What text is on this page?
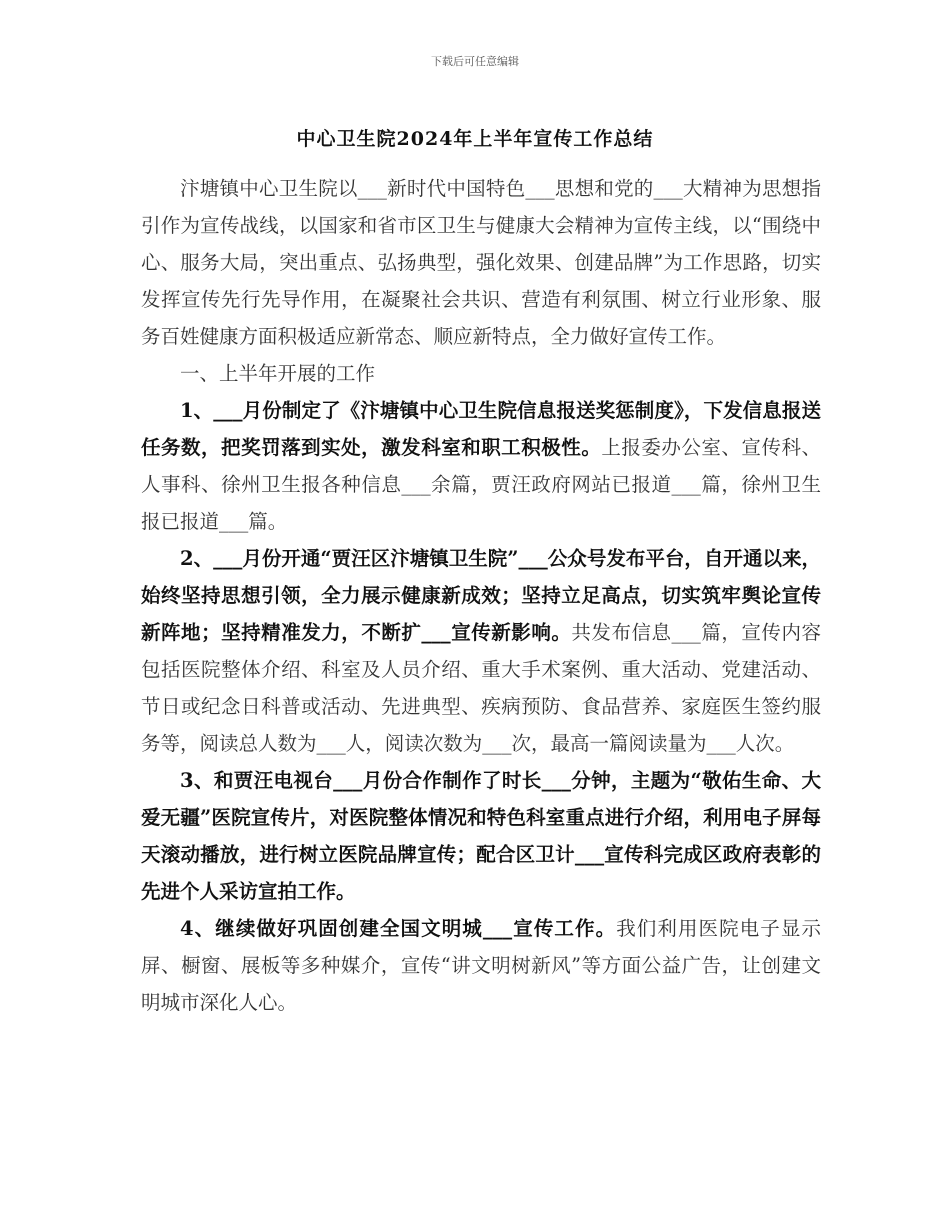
下载后可任意编辑
中心卫生院2024年上半年宣传工作总结

汴塘镇中心卫生院以___新时代中国特色___思想和党的___大精神为思想指引作为宣传战线，以国家和省市区卫生与健康大会精神为宣传主线，以“围绕中心、服务大局，突出重点、弘扬典型，强化效果、创建品牌”为工作思路，切实发挥宣传先行先导作用，在凝聚社会共识、营造有利氛围、树立行业形象、服务百姓健康方面积极适应新常态、顺应新特点，全力做好宣传工作。

一、上半年开展的工作

1、___月份制定了《汴塘镇中心卫生院信息报送奖惩制度》，下发信息报送任务数，把奖罚落到实处，激发科室和职工积极性。上报委办公室、宣传科、人事科、徐州卫生报各种信息___余篇，贾汪政府网站已报道___篇，徐州卫生报已报道___篇。

2、___月份开通“贾汪区汴塘镇卫生院”___公众号发布平台，自开通以来，始终坚持思想引领，全力展示健康新成效；坚持立足高点，切实筑牢舆论宣传新阵地；坚持精准发力，不断扩___宣传新影响。共发布信息___篇，宣传内容包括医院整体介绍、科室及人员介绍、重大手术案例、重大活动、党建活动、节日或纪念日科普或活动、先进典型、疾病预防、食品营养、家庭医生签约服务等，阅读总人数为___人，阅读次数为___次，最高一篇阅读量为___人次。

3、和贾汪电视台___月份合作制作了时长___分钟，主题为“敬佑生命、大爱无疆”医院宣传片，对医院整体情况和特色科室重点进行介绍，利用电子屏每天滚动播放，进行树立医院品牌宣传；配合区卫计___宣传科完成区政府表彰的先进个人采访宣拍工作。

4、继续做好巩固创建全国文明城___宣传工作。我们利用医院电子显示屏、橱窗、展板等多种媒介，宣传“讲文明树新风”等方面公益广告，让创建文明城市深化人心。
